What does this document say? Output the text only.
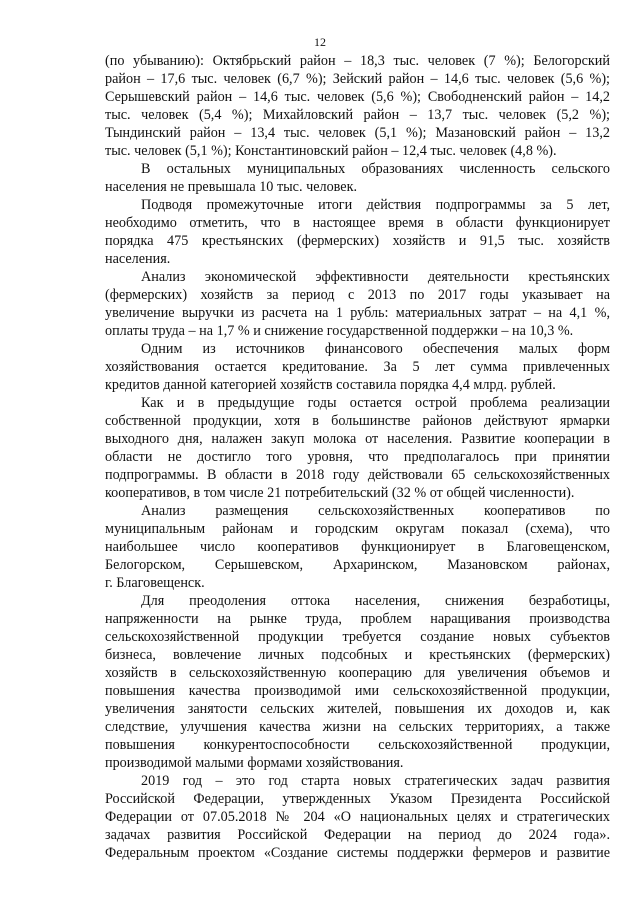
12
(по убыванию): Октябрьский район – 18,3 тыс. человек (7 %); Белогорский
район – 17,6 тыс. человек (6,7 %); Зейский район – 14,6 тыс. человек (5,6 %);
Серышевский район – 14,6 тыс. человек (5,6 %); Свободненский район – 14,2
тыс. человек (5,4 %); Михайловский район – 13,7 тыс. человек (5,2 %);
Тындинский район – 13,4 тыс. человек (5,1 %); Мазановский район – 13,2
тыс. человек (5,1 %); Константиновский район – 12,4 тыс. человек (4,8 %).
В остальных муниципальных образованиях численность сельского
населения не превышала 10 тыс. человек.
Подводя промежуточные итоги действия подпрограммы за 5 лет,
необходимо отметить, что в настоящее время в области функционирует
порядка 475 крестьянских (фермерских) хозяйств и 91,5 тыс. хозяйств
населения.
Анализ экономической эффективности деятельности крестьянских
(фермерских) хозяйств за период с 2013 по 2017 годы указывает на
увеличение выручки из расчета на 1 рубль: материальных затрат – на 4,1 %,
оплаты труда – на 1,7 % и снижение государственной поддержки – на 10,3 %.
Одним из источников финансового обеспечения малых форм
хозяйствования остается кредитование. За 5 лет сумма привлеченных
кредитов данной категорией хозяйств составила порядка 4,4 млрд. рублей.
Как и в предыдущие годы остается острой проблема реализации
собственной продукции, хотя в большинстве районов действуют ярмарки
выходного дня, налажен закуп молока от населения. Развитие кооперации в
области не достигло того уровня, что предполагалось при принятии
подпрограммы. В области в 2018 году действовали 65 сельскохозяйственных
кооперативов, в том числе 21 потребительский (32 % от общей численности).
Анализ размещения сельскохозяйственных кооперативов по
муниципальным районам и городским округам показал (схема), что
наибольшее число кооперативов функционирует в Благовещенском,
Белогорском, Серышевском, Архаринском, Мазановском районах,
г. Благовещенск.
Для преодоления оттока населения, снижения безработицы,
напряженности на рынке труда, проблем наращивания производства
сельскохозяйственной продукции требуется создание новых субъектов
бизнеса, вовлечение личных подсобных и крестьянских (фермерских)
хозяйств в сельскохозяйственную кооперацию для увеличения объемов и
повышения качества производимой ими сельскохозяйственной продукции,
увеличения занятости сельских жителей, повышения их доходов и, как
следствие, улучшения качества жизни на сельских территориях, а также
повышения конкурентоспособности сельскохозяйственной продукции,
производимой малыми формами хозяйствования.
2019 год – это год старта новых стратегических задач развития
Российской Федерации, утвержденных Указом Президента Российской
Федерации от 07.05.2018 № 204 «О национальных целях и стратегических
задачах развития Российской Федерации на период до 2024 года».
Федеральным проектом «Создание системы поддержки фермеров и развитие
